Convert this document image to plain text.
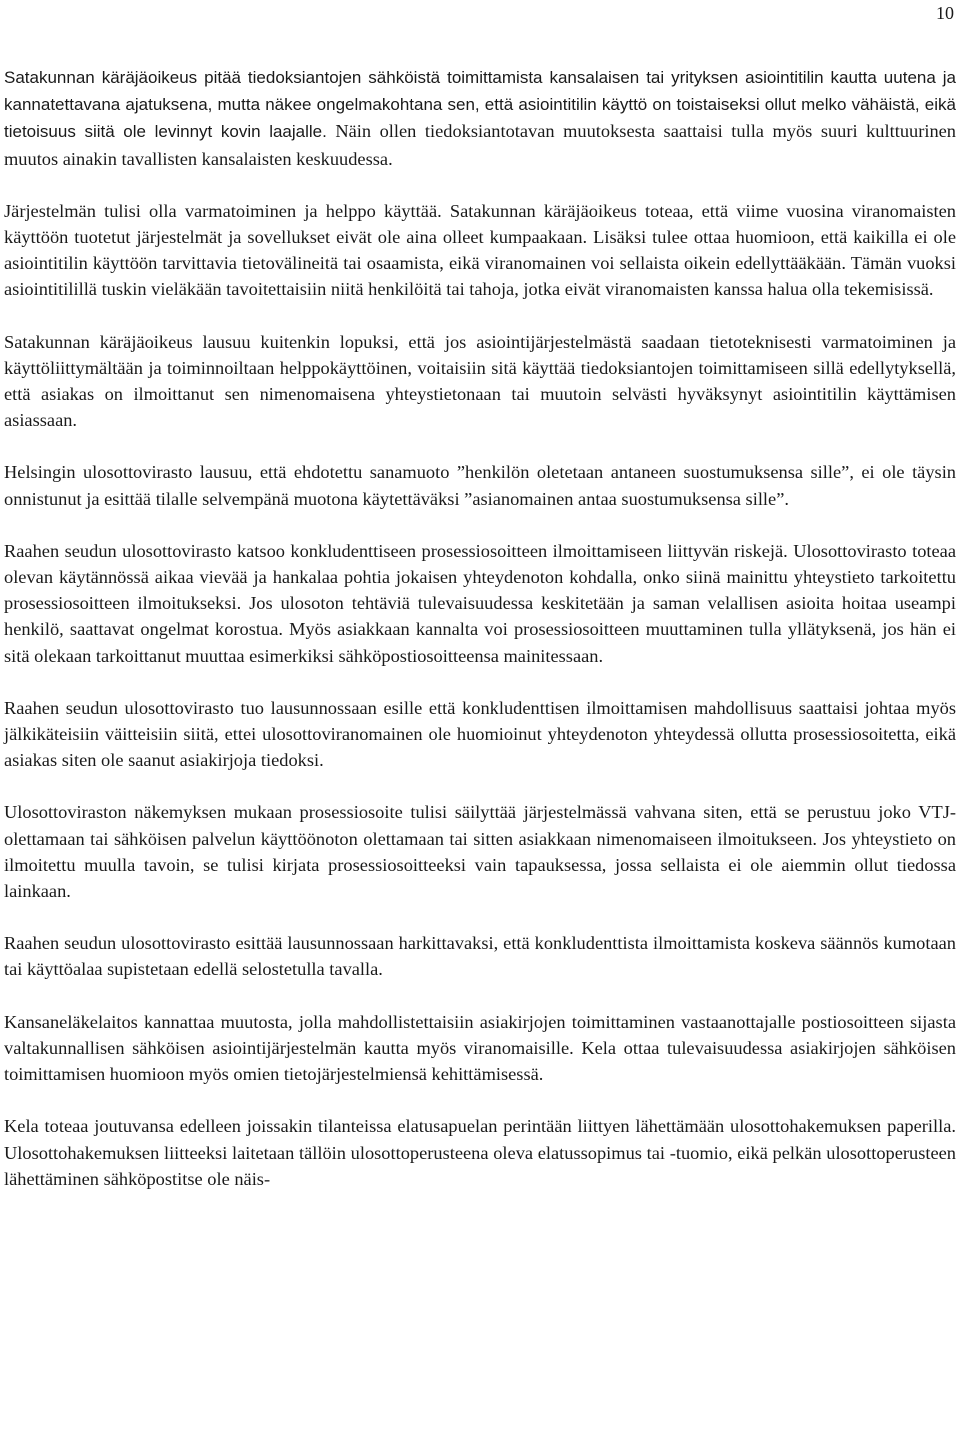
10

Satakunnan käräjäoikeus pitää tiedoksiantojen sähköistä toimittamista kansalaisen tai yrityksen asiointitilin kautta uutena ja kannatettavana ajatuksena, mutta näkee ongelmakohtana sen, että asiointitilin käyttö on toistaiseksi ollut melko vähäistä, eikä tietoisuus siitä ole levinnyt kovin laajalle. Näin ollen tiedoksiantotavan muutoksesta saattaisi tulla myös suuri kulttuurinen muutos ainakin tavallisten kansalaisten keskuudessa.

Järjestelmän tulisi olla varmatoiminen ja helppo käyttää. Satakunnan käräjäoikeus toteaa, että viime vuosina viranomaisten käyttöön tuotetut järjestelmät ja sovellukset eivät ole aina olleet kumpaakaan. Lisäksi tulee ottaa huomioon, että kaikilla ei ole asiointitilin käyttöön tarvittavia tietovälineitä tai osaamista, eikä viranomainen voi sellaista oikein edellyttääkään. Tämän vuoksi asiointitilillä tuskin vieläkään tavoitettaisiin niitä henkilöitä tai tahoja, jotka eivät viranomaisten kanssa halua olla tekemisissä.

Satakunnan käräjäoikeus lausuu kuitenkin lopuksi, että jos asiointijärjestelmästä saadaan tietoteknisesti varmatoiminen ja käyttöliittymältään ja toiminnoiltaan helppokäyttöinen, voitaisiin sitä käyttää tiedoksiantojen toimittamiseen sillä edellytyksellä, että asiakas on ilmoittanut sen nimenomaisena yhteystietonaan tai muutoin selvästi hyväksynyt asiointitilin käyttämisen asiassaan.

Helsingin ulosottovirasto lausuu, että ehdotettu sanamuoto ”henkilön oletetaan antaneen suostumuksensa sille”, ei ole täysin onnistunut ja esittää tilalle selvempänä muotona käytettäväksi ”asianomainen antaa suostumuksensa sille”.

Raahen seudun ulosottovirasto katsoo konkludenttiseen prosessiosoitteen ilmoittamiseen liittyvän riskejä. Ulosottovirasto toteaa olevan käytännössä aikaa vievää ja hankalaa pohtia jokaisen yhteydenoton kohdalla, onko siinä mainittu yhteystieto tarkoitettu prosessiosoitteen ilmoitukseksi. Jos ulosoton tehtäviä tulevaisuudessa keskitetään ja saman velallisen asioita hoitaa useampi henkilö, saattavat ongelmat korostua. Myös asiakkaan kannalta voi prosessiosoitteen muuttaminen tulla yllätyksenä, jos hän ei sitä olekaan tarkoittanut muuttaa esimerkiksi sähköpostiosoitteensa mainitessaan.

Raahen seudun ulosottovirasto tuo lausunnossaan esille että konkludenttisen ilmoittamisen mahdollisuus saattaisi johtaa myös jälkikäteisiin väitteisiin siitä, ettei ulosottoviranomainen ole huomioinut yhteydenoton yhteydessä ollutta prosessiosoitetta, eikä asiakas siten ole saanut asiakirjoja tiedoksi.

Ulosottoviraston näkemyksen mukaan prosessiosoite tulisi säilyttää järjestelmässä vahvana siten, että se perustuu joko VTJ-olettamaan tai sähköisen palvelun käyttöönoton olettamaan tai sitten asiakkaan nimenomaiseen ilmoitukseen. Jos yhteystieto on ilmoitettu muulla tavoin, se tulisi kirjata prosessiosoitteeksi vain tapauksessa, jossa sellaista ei ole aiemmin ollut tiedossa lainkaan.

Raahen seudun ulosottovirasto esittää lausunnossaan harkittavaksi, että konkludenttista ilmoittamista koskeva säännös kumotaan tai käyttöalaa supistetaan edellä selostetulla tavalla.

Kansaneläkelaitos kannattaa muutosta, jolla mahdollistettaisiin asiakirjojen toimittaminen vastaanottajalle postiosoitteen sijasta valtakunnallisen sähköisen asiointijärjestelmän kautta myös viranomaisille. Kela ottaa tulevaisuudessa asiakirjojen sähköisen toimittamisen huomioon myös omien tietojärjestelmiensä kehittämisessä.

Kela toteaa joutuvansa edelleen joissakin tilanteissa elatusapuelan perintään liittyen lähettämään ulosottohakemuksen paperilla. Ulosottohakemuksen liitteeksi laitetaan tällöin ulosottoperusteena oleva elatussopimus tai -tuomio, eikä pelkän ulosottoperusteen lähettäminen sähköpostitse ole näis-
